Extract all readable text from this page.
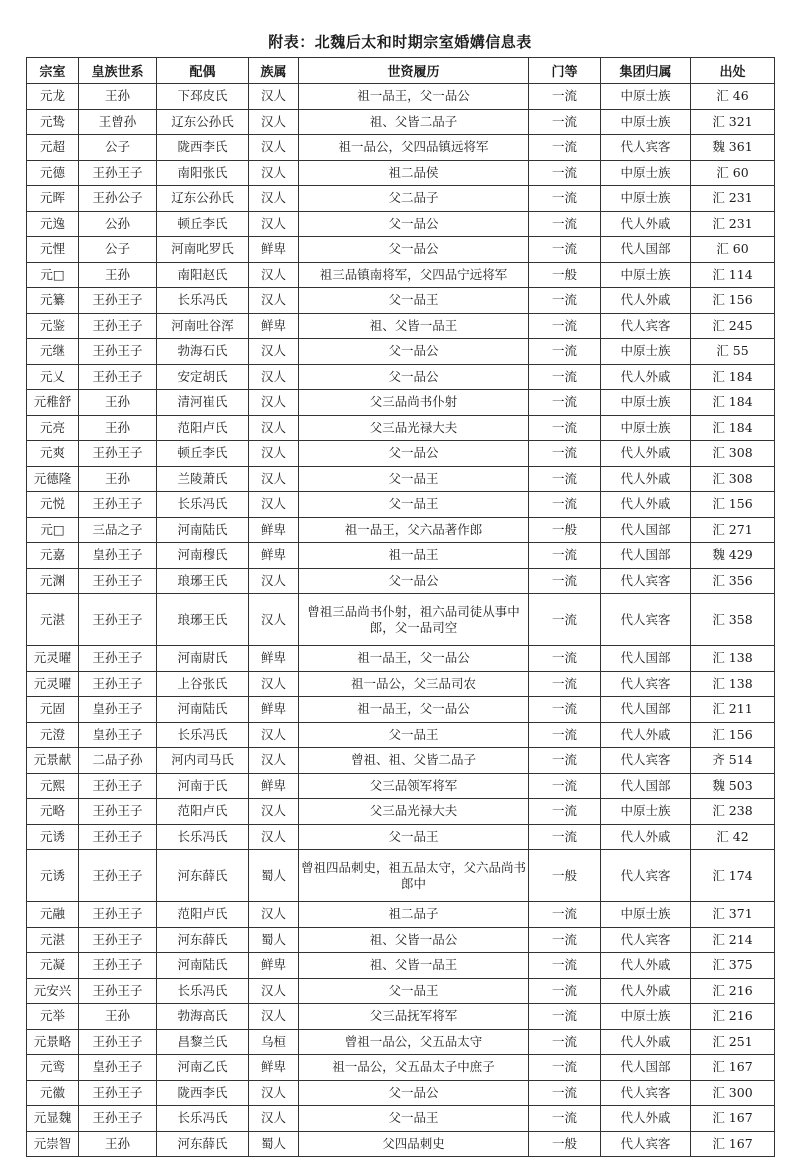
附表：北魏后太和时期宗室婚媾信息表
宗室	皇族世系	配偶	族属	世资履历	门等	集团归属	出处
元龙	王孙	下邳皮氏	汉人	祖一品王，父一品公	一流	中原士族	汇 46
元鸷	王曾孙	辽东公孙氏	汉人	祖、父皆二品子	一流	中原士族	汇 321
元超	公子	陇西李氏	汉人	祖一品公，父四品镇远将军	一流	代人宾客	魏 361
元德	王孙王子	南阳张氏	汉人	祖二品侯	一流	中原士族	汇 60
元晖	王孙公子	辽东公孙氏	汉人	父二品子	一流	中原士族	汇 231
元逸	公孙	顿丘李氏	汉人	父一品公	一流	代人外戚	汇 231
元悝	公子	河南叱罗氏	鲜卑	父一品公	一流	代人国部	汇 60
元□	王孙	南阳赵氏	汉人	祖三品镇南将军，父四品宁远将军	一般	中原士族	汇 114
元纂	王孙王子	长乐冯氏	汉人	父一品王	一流	代人外戚	汇 156
元鉴	王孙王子	河南吐谷浑	鲜卑	祖、父皆一品王	一流	代人宾客	汇 245
元继	王孙王子	勃海石氏	汉人	父一品公	一流	中原士族	汇 55
元乂	王孙王子	安定胡氏	汉人	父一品公	一流	代人外戚	汇 184
元稚舒	王孙	清河崔氏	汉人	父三品尚书仆射	一流	中原士族	汇 184
元亮	王孙	范阳卢氏	汉人	父三品光禄大夫	一流	中原士族	汇 184
元爽	王孙王子	顿丘李氏	汉人	父一品公	一流	代人外戚	汇 308
元德隆	王孙	兰陵萧氏	汉人	父一品王	一流	代人外戚	汇 308
元悦	王孙王子	长乐冯氏	汉人	父一品王	一流	代人外戚	汇 156
元□	三品之子	河南陆氏	鲜卑	祖一品王，父六品著作郎	一般	代人国部	汇 271
元嘉	皇孙王子	河南穆氏	鲜卑	祖一品王	一流	代人国部	魏 429
元渊	王孙王子	琅琊王氏	汉人	父一品公	一流	代人宾客	汇 356
元湛	王孙王子	琅琊王氏	汉人	曾祖三品尚书仆射，祖六品司徒从事中郎，父一品司空	一流	代人宾客	汇 358
元灵曜	王孙王子	河南尉氏	鲜卑	祖一品王，父一品公	一流	代人国部	汇 138
元灵曜	王孙王子	上谷张氏	汉人	祖一品公，父三品司农	一流	代人宾客	汇 138
元固	皇孙王子	河南陆氏	鲜卑	祖一品王，父一品公	一流	代人国部	汇 211
元澄	皇孙王子	长乐冯氏	汉人	父一品王	一流	代人外戚	汇 156
元景献	二品子孙	河内司马氏	汉人	曾祖、祖、父皆二品子	一流	代人宾客	齐 514
元熙	王孙王子	河南于氏	鲜卑	父三品领军将军	一流	代人国部	魏 503
元略	王孙王子	范阳卢氏	汉人	父三品光禄大夫	一流	中原士族	汇 238
元诱	王孙王子	长乐冯氏	汉人	父一品王	一流	代人外戚	汇 42
元诱	王孙王子	河东薛氏	蜀人	曾祖四品刺史，祖五品太守，父六品尚书郎中	一般	代人宾客	汇 174
元融	王孙王子	范阳卢氏	汉人	祖二品子	一流	中原士族	汇 371
元湛	王孙王子	河东薛氏	蜀人	祖、父皆一品公	一流	代人宾客	汇 214
元凝	王孙王子	河南陆氏	鲜卑	祖、父皆一品王	一流	代人外戚	汇 375
元安兴	王孙王子	长乐冯氏	汉人	父一品王	一流	代人外戚	汇 216
元举	王孙	勃海高氏	汉人	父三品抚军将军	一流	中原士族	汇 216
元景略	王孙王子	昌黎兰氏	乌桓	曾祖一品公，父五品太守	一流	代人外戚	汇 251
元鸾	皇孙王子	河南乙氏	鲜卑	祖一品公，父五品太子中庶子	一流	代人国部	汇 167
元徽	王孙王子	陇西李氏	汉人	父一品公	一流	代人宾客	汇 300
元显魏	王孙王子	长乐冯氏	汉人	父一品王	一流	代人外戚	汇 167
元崇智	王孙	河东薛氏	蜀人	父四品刺史	一般	代人宾客	汇 167
